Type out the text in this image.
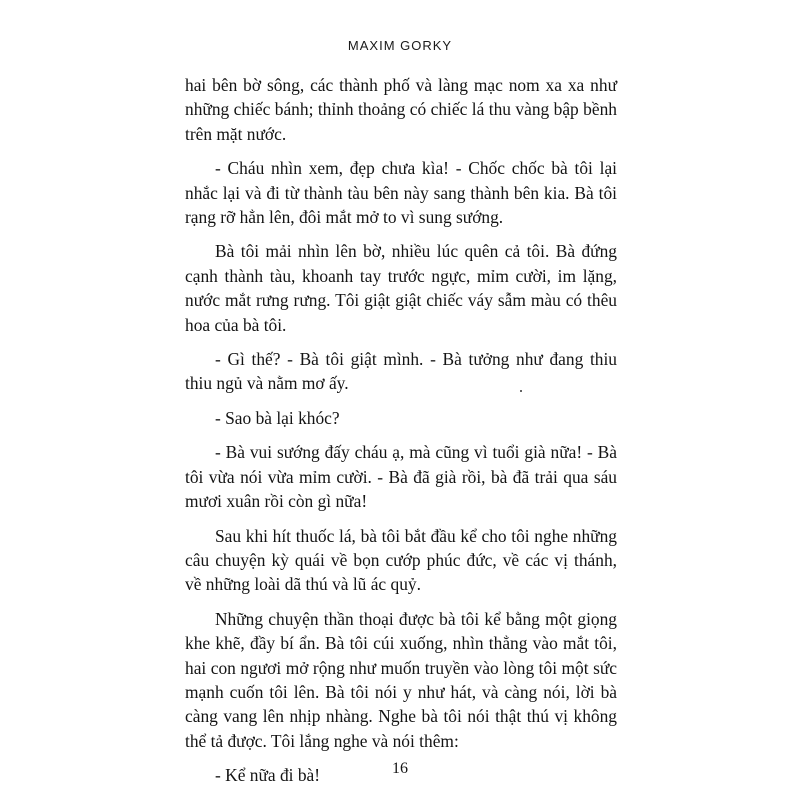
MAXIM GORKY

hai bên bờ sông, các thành phố và làng mạc nom xa xa như những chiếc bánh; thỉnh thoảng có chiếc lá thu vàng bập bềnh trên mặt nước.

- Cháu nhìn xem, đẹp chưa kìa! - Chốc chốc bà tôi lại nhắc lại và đi từ thành tàu bên này sang thành bên kia. Bà tôi rạng rỡ hẳn lên, đôi mắt mở to vì sung sướng.

Bà tôi mải nhìn lên bờ, nhiều lúc quên cả tôi. Bà đứng cạnh thành tàu, khoanh tay trước ngực, mỉm cười, im lặng, nước mắt rưng rưng. Tôi giật giật chiếc váy sẫm màu có thêu hoa của bà tôi.

- Gì thế? - Bà tôi giật mình. - Bà tưởng như đang thiu thiu ngủ và nằm mơ ấy.

- Sao bà lại khóc?

- Bà vui sướng đấy cháu ạ, mà cũng vì tuổi già nữa! - Bà tôi vừa nói vừa mỉm cười. - Bà đã già rồi, bà đã trải qua sáu mươi xuân rồi còn gì nữa!

Sau khi hít thuốc lá, bà tôi bắt đầu kể cho tôi nghe những câu chuyện kỳ quái về bọn cướp phúc đức, về các vị thánh, về những loài dã thú và lũ ác quỷ.

Những chuyện thần thoại được bà tôi kể bằng một giọng khe khẽ, đầy bí ẩn. Bà tôi cúi xuống, nhìn thẳng vào mắt tôi, hai con ngươi mở rộng như muốn truyền vào lòng tôi một sức mạnh cuốn tôi lên. Bà tôi nói y như hát, và càng nói, lời bà càng vang lên nhịp nhàng. Nghe bà tôi nói thật thú vị không thể tả được. Tôi lắng nghe và nói thêm:

- Kể nữa đi bà!	16
